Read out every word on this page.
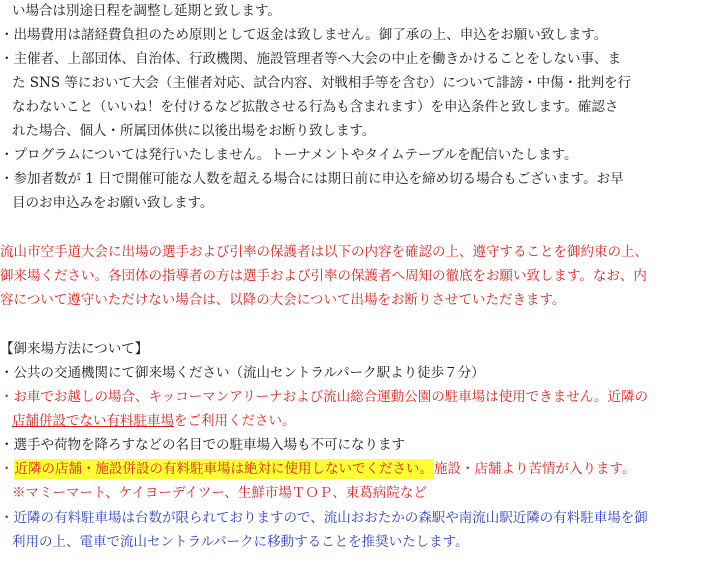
い場合は別途日程を調整し延期と致します。
・出場費用は諸経費負担のため原則として返金は致しません。御了承の上、申込をお願い致します。
・主催者、上部団体、自治体、行政機関、施設管理者等へ大会の中止を働きかけることをしない事、ま
た SNS 等において大会（主催者対応、試合内容、対戦相手等を含む）について誹謗・中傷・批判を行
なわないこと（いいね！を付けるなど拡散させる行為も含まれます）を申込条件と致します。確認さ
れた場合、個人・所属団体供に以後出場をお断り致します。
・プログラムについては発行いたしません。トーナメントやタイムテーブルを配信いたします。
・参加者数が 1 日で開催可能な人数を超える場合には期日前に申込を締め切る場合もございます。お早
目のお申込みをお願い致します。
流山市空手道大会に出場の選手および引率の保護者は以下の内容を確認の上、遵守することを御約束の上、
御来場ください。各団体の指導者の方は選手および引率の保護者へ周知の徹底をお願い致します。なお、内
容について遵守いただけない場合は、以降の大会について出場をお断りさせていただきます。
【御来場方法について】
・公共の交通機関にて御来場ください（流山セントラルパーク駅より徒歩７分）
・お車でお越しの場合、キッコーマンアリーナおよび流山総合運動公園の駐車場は使用できません。近隣の
店舗併設でない有料駐車場をご利用ください。
・選手や荷物を降ろすなどの名目での駐車場入場も不可になります
・近隣の店舗・施設併設の有料駐車場は絶対に使用しないでください。施設・店舗より苦情が入ります。
※マミーマート、ケイヨーデイツー、生鮮市場ＴＯＰ、東葛病院など
・近隣の有料駐車場は台数が限られておりますので、流山おおたかの森駅や南流山駅近隣の有料駐車場を御
利用の上、電車で流山セントラルパークに移動することを推奨いたします。
